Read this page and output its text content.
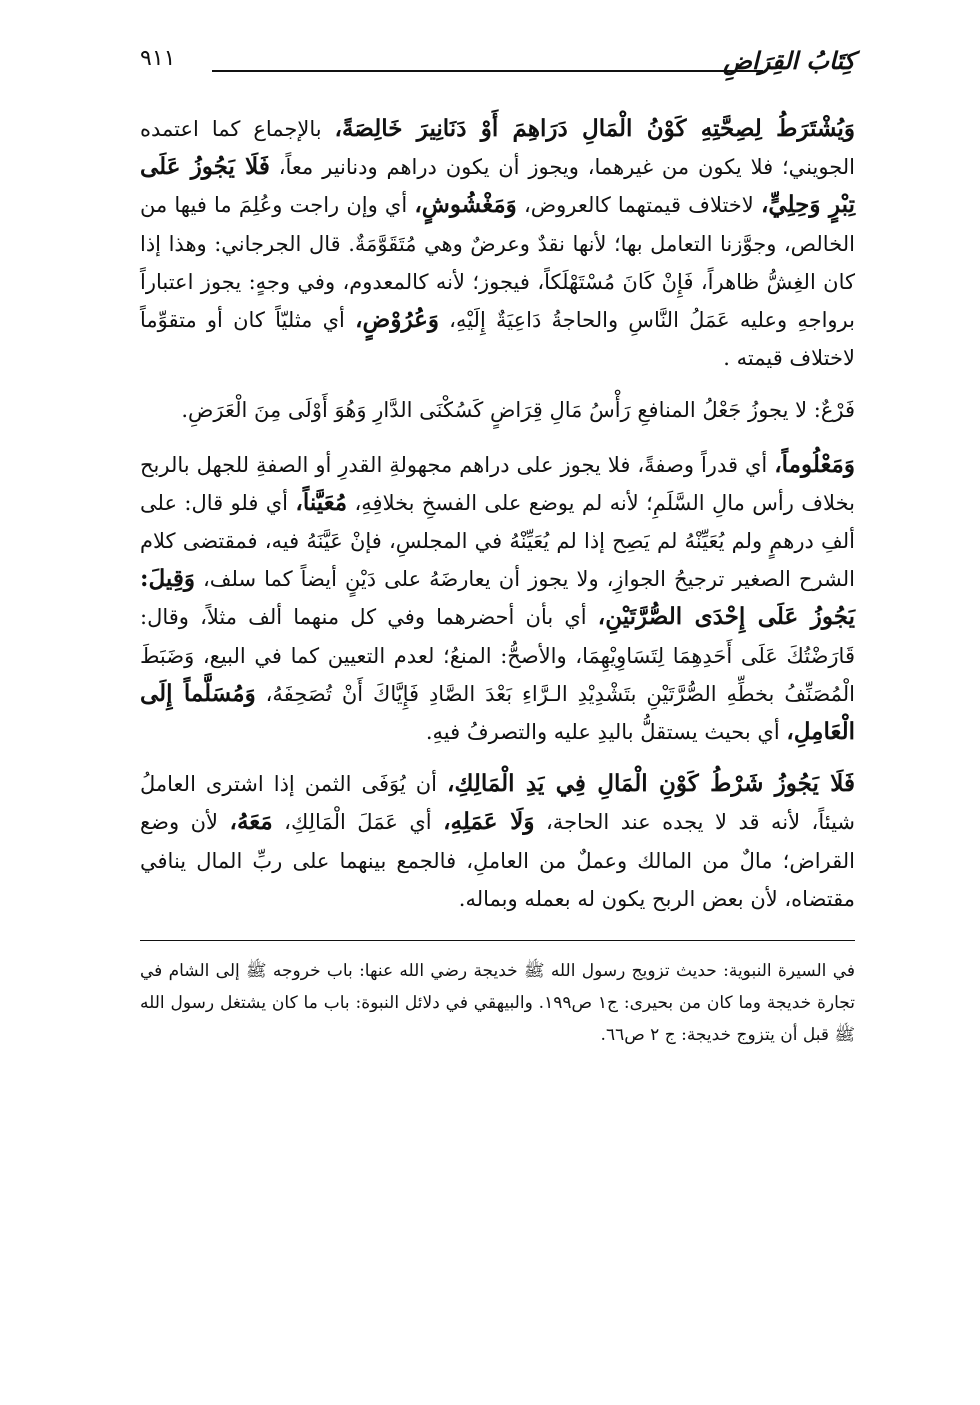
كِتَابُ القِرَاضِ
٩١١

وَيُشْتَرَطُ لِصِحَّتِهِ كَوْنُ الْمَالِ دَرَاهِمَ أَوْ دَنَانِيرَ خَالِصَةً، بالإجماع كما اعتمده الجويني؛ فلا يكون من غيرهما، ويجوز أن يكون دراهم ودنانير معاً، فَلَا يَجُوزُ عَلَى تِبْرٍ وَحِلِيٍّ، لاختلاف قيمتهما كالعروض، وَمَغْشُوشٍ، أي وإن راجت وعُلِمَ ما فيها من الخالص، وجوَّزنا التعامل بها؛ لأنها نقدٌ وعرضٌ وهي مُتَقَوَّمَةٌ. قال الجرجاني: وهذا إذا كان الغِشُّ ظاهراً، فَإِنْ كَانَ مُسْتَهْلَكاً، فيجوز؛ لأنه كالمعدوم، وفي وجهٍ: يجوز اعتباراً برواجهِ وعليه عَمَلُ النَّاسِ والحاجةُ دَاعِيَةٌ إِلَيْهِ، وَعُرُوْضٍ، أي مثليّاً كان أو متقوِّماً لاختلاف قيمته .

فَرْعٌ: لا يجوزُ جَعْلُ المنافعِ رَأْسُ مَالِ قِرَاضٍ كَسُكْنَى الدَّارِ وَهُوَ أَوْلَى مِنَ الْعَرَضِ.

وَمَعْلُوماً، أي قدراً وصفةً، فلا يجوز على دراهم مجهولةِ القدرِ أو الصفةِ للجهل بالربح بخلاف رأس مالِ السَّلَمِ؛ لأنه لم يوضع على الفسخِ بخلافِهِ، مُعَيَّناً، أي فلو قال: على ألفِ درهمٍ ولم يُعَيِّنْهُ لم يَصِح إذا لم يُعَيِّنْهُ في المجلسِ، فإنْ عَيَّنَهُ فيه، فمقتضى كلام الشرح الصغير ترجيحُ الجوازِ، ولا يجوز أن يعارضَهُ على دَيْنٍ أيضاً كما سلف، وَقِيلَ: يَجُوزُ عَلَى إِحْدَى الصُّرَّتَيْنِ، أي بأن أحضرهما وفي كل منهما ألف مثلاً، وقال: قَارَضْتُكَ عَلَى أَحَدِهِمَا لِتَسَاوِيْهِمَا، والأصحُّ: المنعُ؛ لعدم التعيين كما في البيع، وَضَبَطَ الْمُصَنِّفُ بخطِّهِ الصُّرَّتَيْنِ بتَشْدِيْدِ الـرَّاءِ بَعْدَ الصَّادِ فَإِيَّاكَ أَنْ تُصَحِفَهُ، وَمُسَلَّماً إِلَى الْعَامِلِ، أي بحيث يستقلُّ باليدِ عليه والتصرفُ فيهِ.

فَلَا يَجُوزُ شَرْطُ كَوْنِ الْمَالِ فِي يَدِ الْمَالِكِ، أن يُوَفَى الثمن إذا اشترى العاملُ شيئاً، لأنه قد لا يجده عند الحاجة، وَلَا عَمَلِهِ، أي عَمَلَ الْمَالِكِ، مَعَهُ، لأن وضع القراض؛ مالٌ من المالك وعملٌ من العاملِ، فالجمع بينهما على ربِّ المال ينافي مقتضاه، لأن بعض الربح يكون له بعمله وبماله.

في السيرة النبوية: حديث تزويج رسول الله ﷺ خديجة رضي الله عنها: باب خروجه ﷺ إلى الشام في تجارة خديجة وما كان من بحيرى: ج١ ص١٩٩. والبيهقي في دلائل النبوة: باب ما كان يشتغل رسول الله ﷺ قبل أن يتزوج خديجة: ج ٢ ص٦٦.
